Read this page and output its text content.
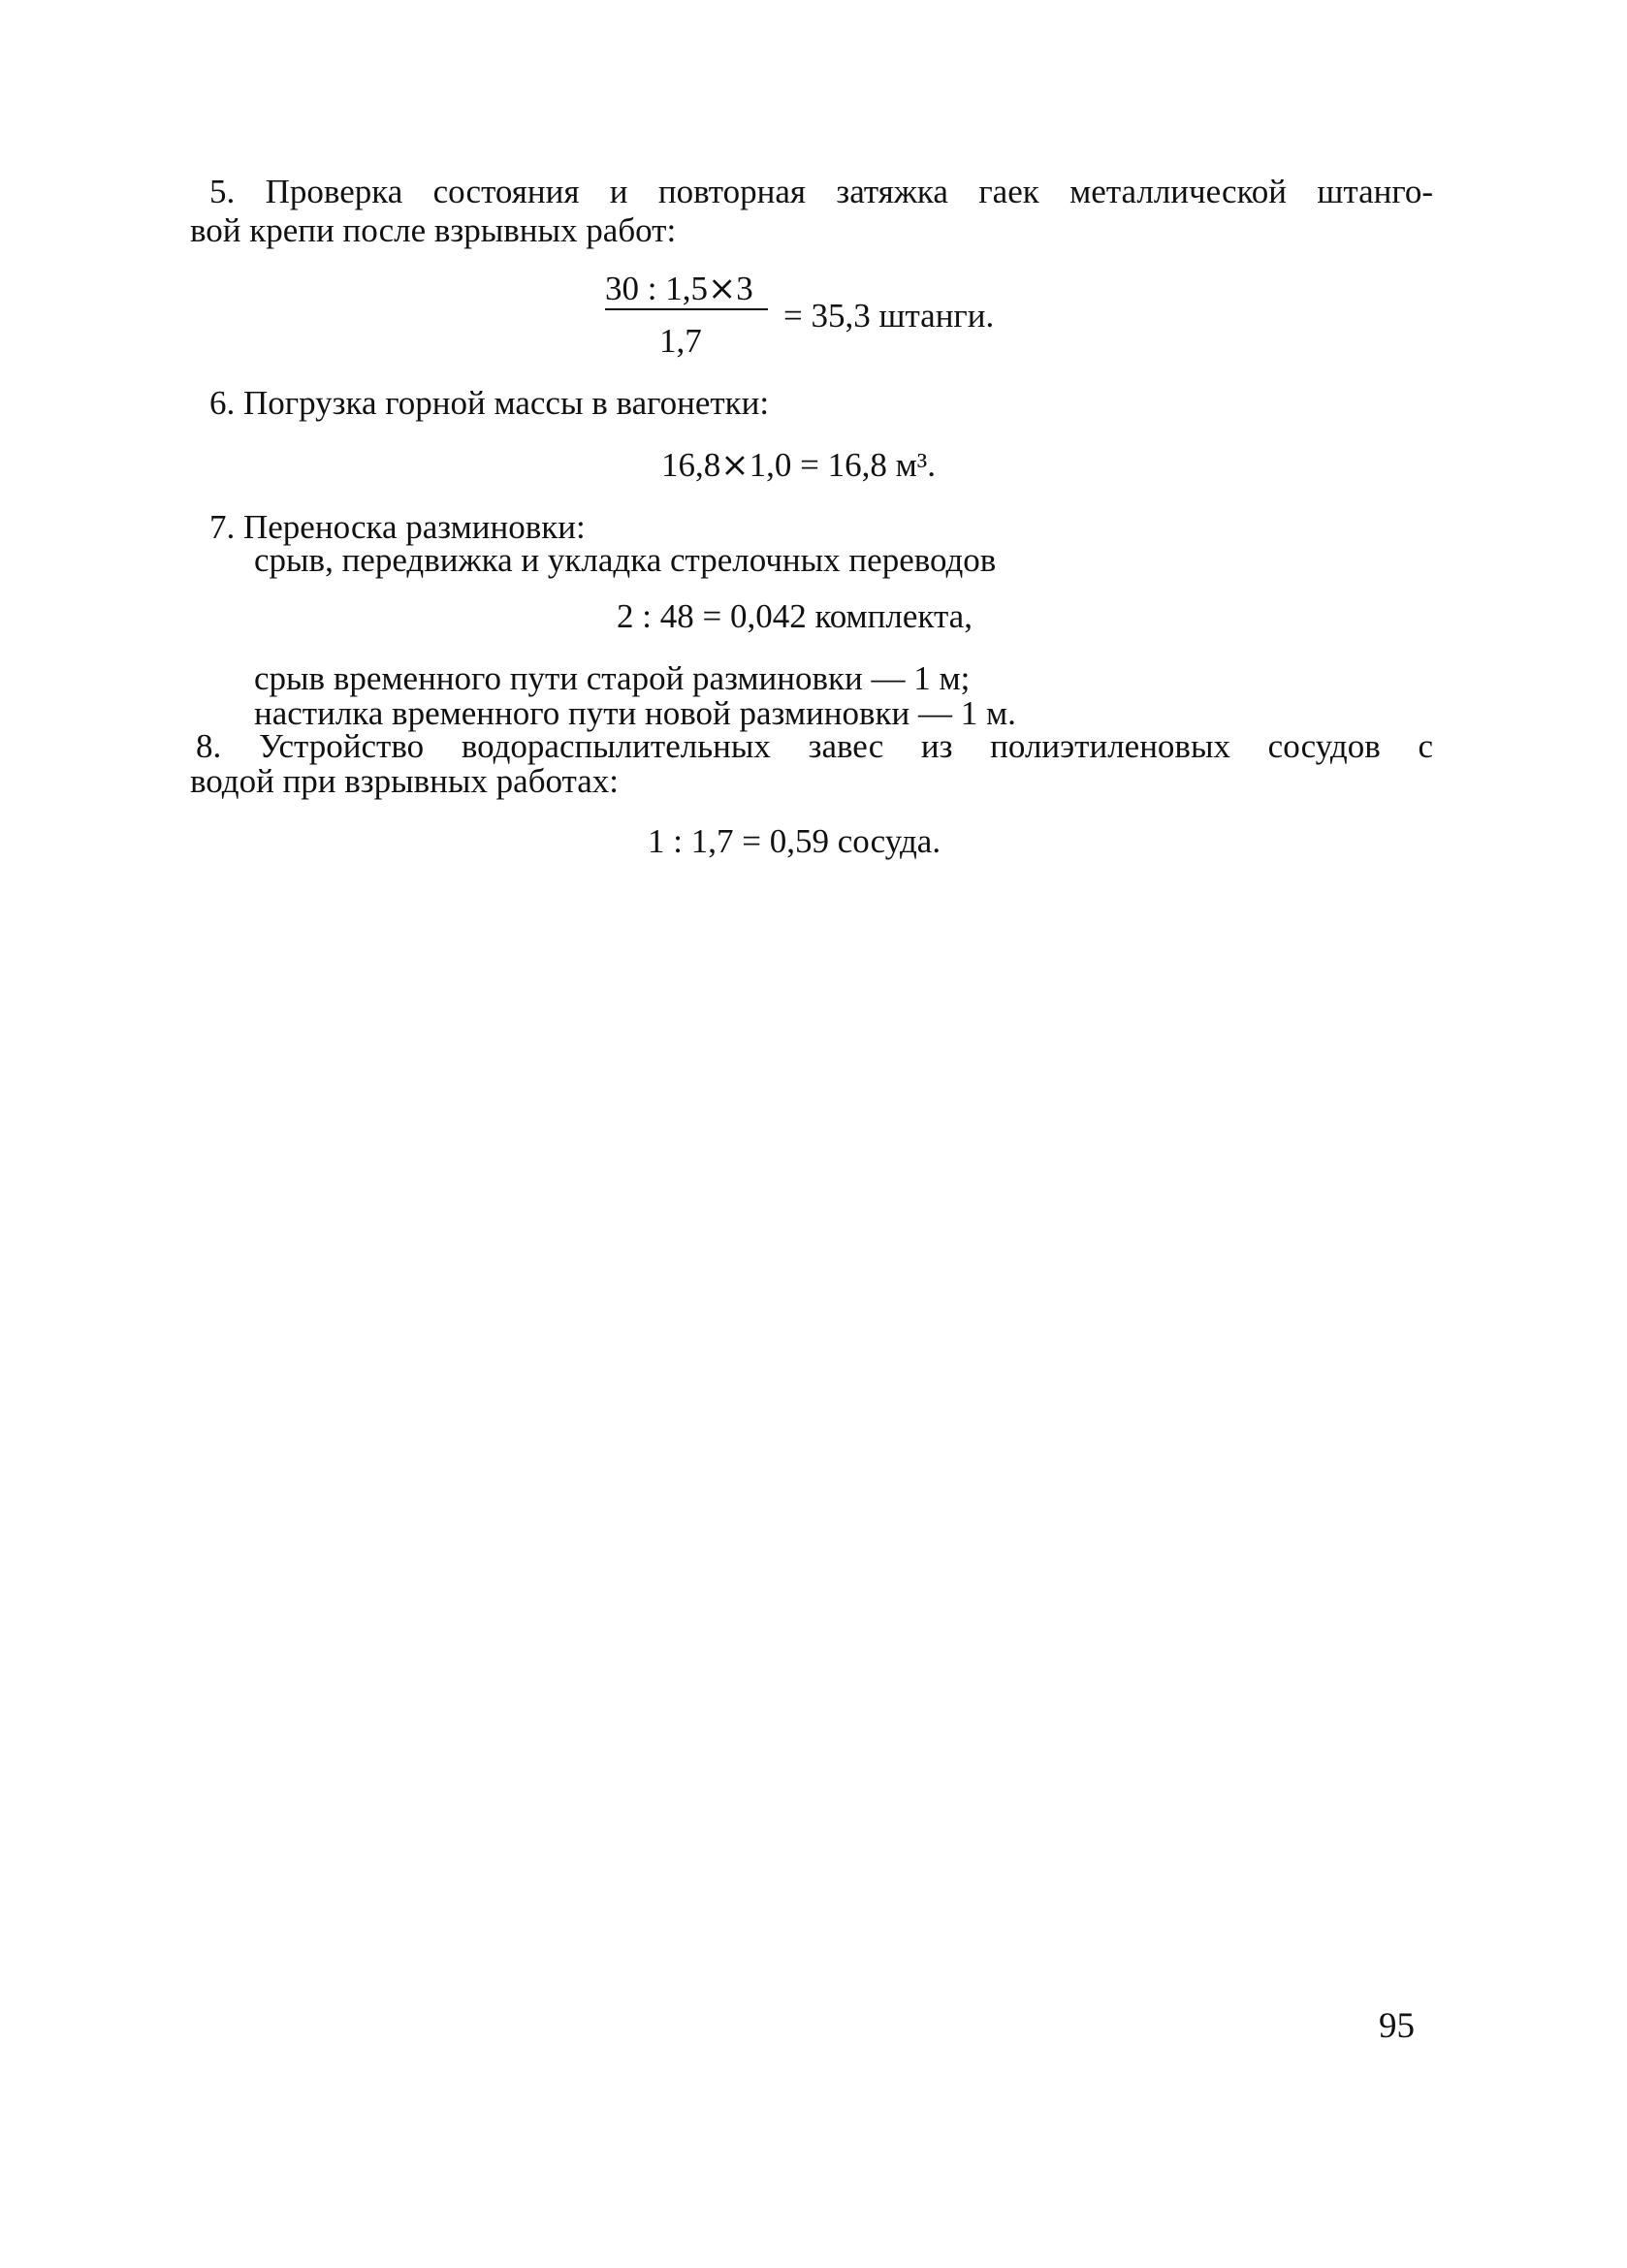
5. Проверка состояния и повторная затяжка гаек металлической штанго-
вой крепи после взрывных работ:
30 : 1,5⨯3
1,7
= 35,3 штанги.
6. Погрузка горной массы в вагонетки:
16,8⨯1,0 = 16,8 м³.
7. Переноска разминовки:
срыв, передвижка и укладка стрелочных переводов
2 : 48 = 0,042 комплекта,
срыв временного пути старой разминовки — 1 м;
настилка временного пути новой разминовки — 1 м.
8. Устройство водораспылительных завес из полиэтиленовых сосудов с
водой при взрывных работах:
1 : 1,7 = 0,59 сосуда.
95
